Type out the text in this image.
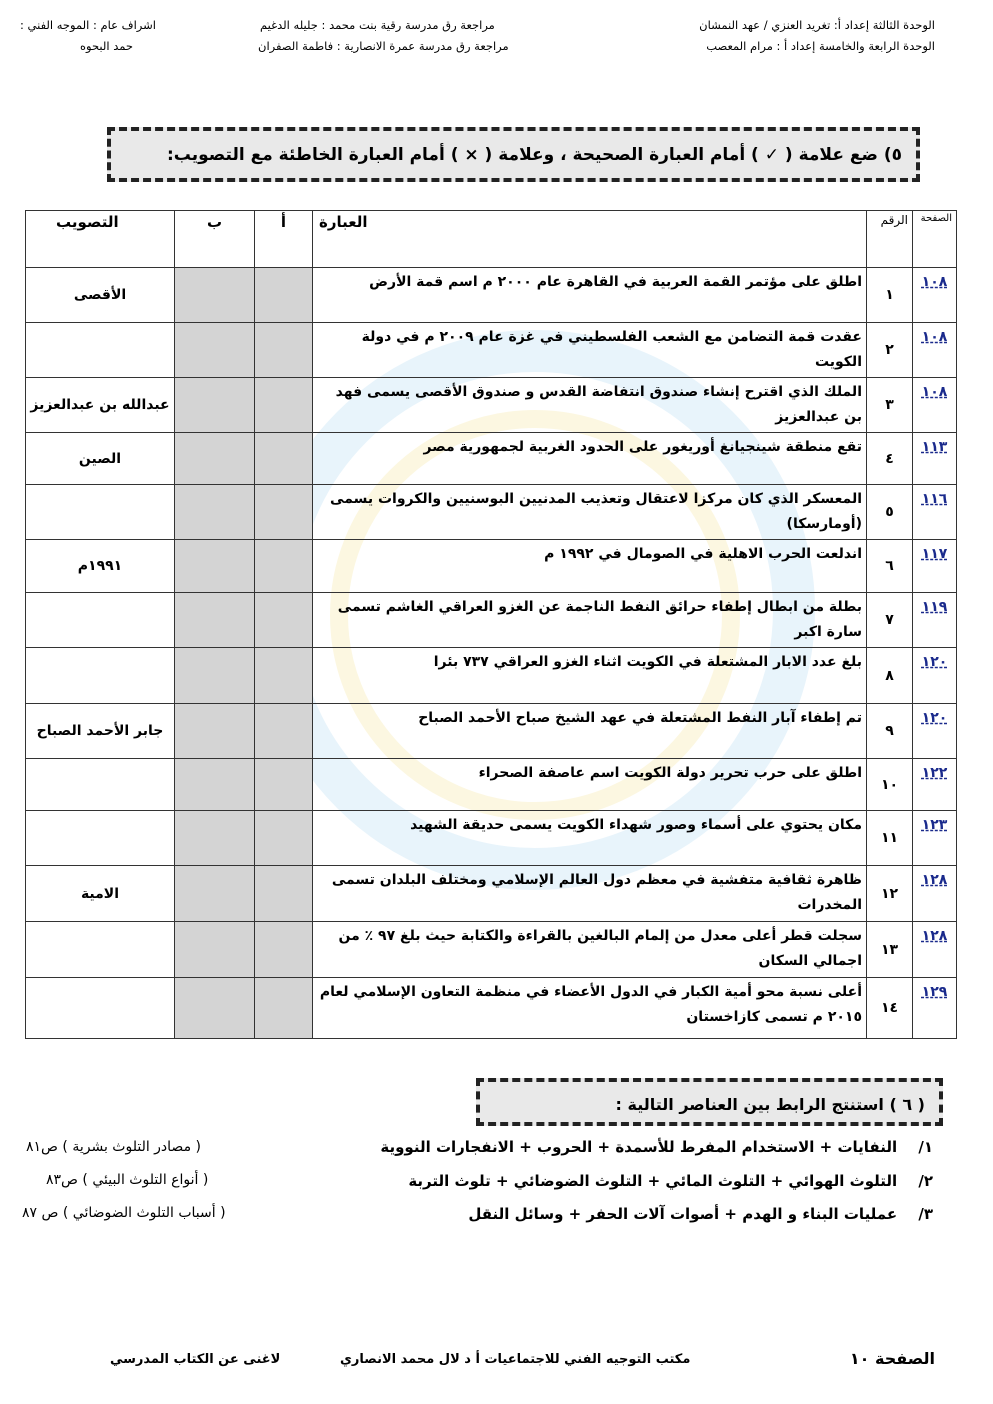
الوحدة الثالثة إعداد أ: تغريد العنزي / عهد النمشان
مراجعة رق مدرسة رقية بنت محمد : جليله الدغيم
اشراف عام : الموجه الفني :
الوحدة الرابعة والخامسة إعداد أ : مرام المعصب
مراجعة رق مدرسة عمرة الانصارية : فاطمة الصفران
حمد البحوه
٥) ضع علامة ( ✓ ) أمام العبارة الصحيحة ، وعلامة ( × ) أمام العبارة الخاطئة مع التصويب:
الصفحة	الرقم	العبارة	أ	ب	التصويب
١٠٨	١	اطلق على مؤتمر القمة العربية في القاهرة عام ٢٠٠٠ م اسم قمة الأرض			الأقصى
١٠٨	٢	عقدت قمة التضامن مع الشعب الفلسطيني في غزة عام ٢٠٠٩ م في دولة الكويت			
١٠٨	٣	الملك الذي اقترح إنشاء صندوق انتفاضة القدس و صندوق الأقصى يسمى فهد بن عبدالعزيز			عبدالله بن عبدالعزيز
١١٣	٤	تقع منطقة شينجيانغ أوريغور على الحدود الغربية لجمهورية مصر			الصين
١١٦	٥	المعسكر الذي كان مركزا لاعتقال وتعذيب المدنيين البوسنيين والكروات يسمى (أومارسكا)			
١١٧	٦	اندلعت الحرب الاهلية في الصومال في ١٩٩٢ م			١٩٩١م
١١٩	٧	بطلة من ابطال إطفاء حرائق النفط الناجمة عن الغزو العراقي الغاشم تسمى سارة اكبر			
١٢٠	٨	بلغ عدد الابار المشتعلة في الكويت اثناء الغزو العراقي ٧٣٧ بئرا			
١٢٠	٩	تم إطفاء آبار النفط المشتعلة في عهد الشيخ صباح الأحمد الصباح			جابر الأحمد الصباح
١٢٢	١٠	اطلق على حرب تحرير دولة الكويت اسم عاصفة الصحراء			
١٢٣	١١	مكان يحتوي على أسماء وصور شهداء الكويت يسمى حديقة الشهيد			
١٢٨	١٢	ظاهرة ثقافية متفشية في معظم دول العالم الإسلامي ومختلف البلدان تسمى المخدرات			الامية
١٢٨	١٣	سجلت قطر أعلى معدل من إلمام البالغين بالقراءة والكتابة حيث بلغ ٩٧ ٪ من اجمالي السكان			
١٢٩	١٤	أعلى نسبة محو أمية الكبار في الدول الأعضاء في منظمة التعاون الإسلامي لعام ٢٠١٥ م تسمى كازاخستان			
( ٦ ) استنتج الرابط بين العناصر التالية :
١/ النفايات + الاستخدام المفرط للأسمدة + الحروب + الانفجارات النووية
( مصادر التلوث بشرية ) ص٨١
٢/ التلوث الهوائي + التلوث المائي + التلوث الضوضائي + تلوث التربة
( أنواع التلوث البيئي ) ص٨٣
٣/ عمليات البناء و الهدم + أصوات آلات الحفر + وسائل النقل
( أسباب التلوث الضوضائي ) ص ٨٧
الصفحة ١٠
مكتب التوجيه الفني للاجتماعيات أ د لال محمد الانصاري
لاغنى عن الكتاب المدرسي
